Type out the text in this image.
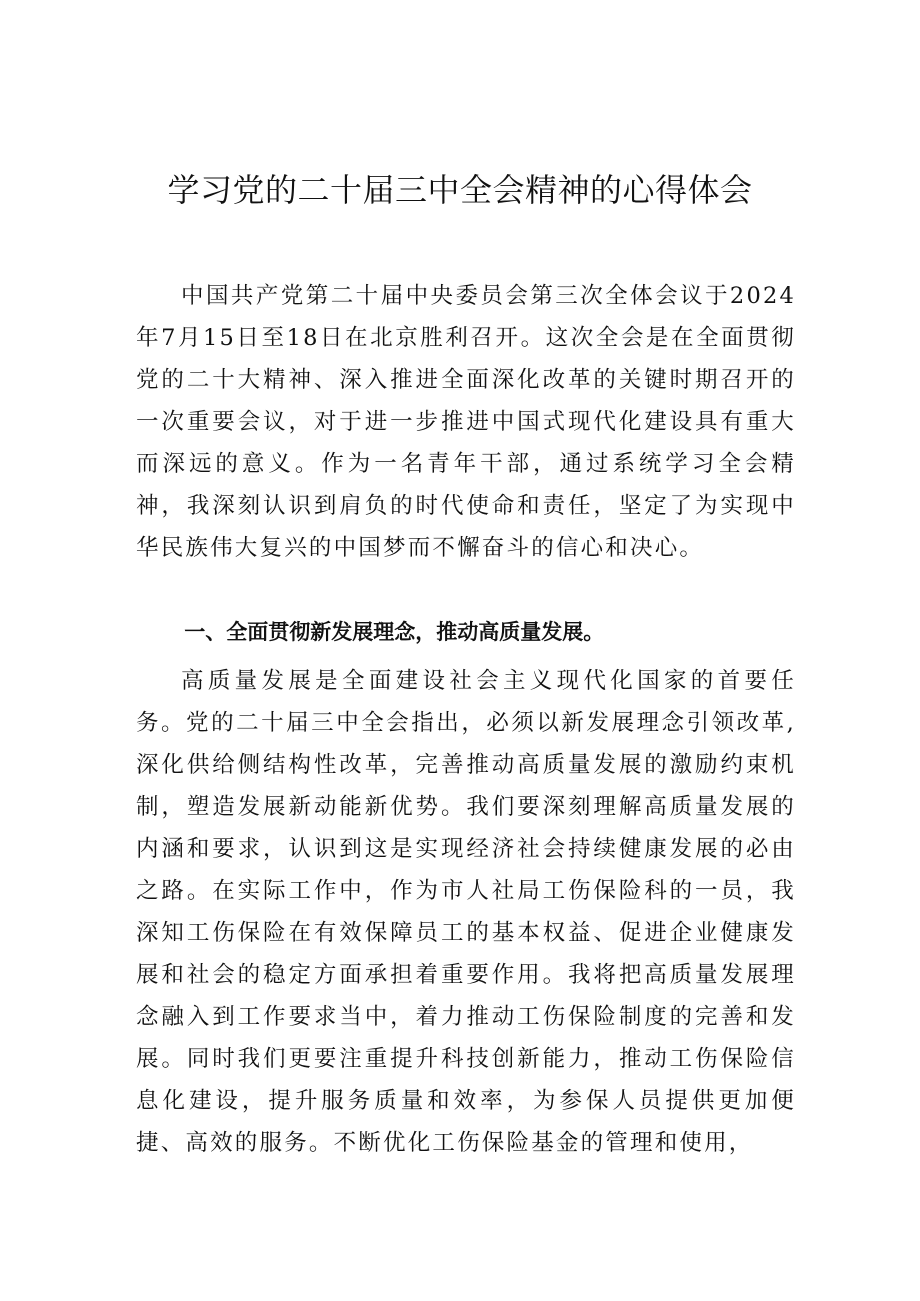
学习党的二十届三中全会精神的心得体会

中国共产党第二十届中央委员会第三次全体会议于2024年7月15日至18日在北京胜利召开。这次全会是在全面贯彻党的二十大精神、深入推进全面深化改革的关键时期召开的一次重要会议，对于进一步推进中国式现代化建设具有重大而深远的意义。作为一名青年干部，通过系统学习全会精神，我深刻认识到肩负的时代使命和责任，坚定了为实现中华民族伟大复兴的中国梦而不懈奋斗的信心和决心。

一、全面贯彻新发展理念，推动高质量发展。

高质量发展是全面建设社会主义现代化国家的首要任务。党的二十届三中全会指出，必须以新发展理念引领改革,深化供给侧结构性改革，完善推动高质量发展的激励约束机制，塑造发展新动能新优势。我们要深刻理解高质量发展的内涵和要求，认识到这是实现经济社会持续健康发展的必由之路。在实际工作中，作为市人社局工伤保险科的一员，我深知工伤保险在有效保障员工的基本权益、促进企业健康发展和社会的稳定方面承担着重要作用。我将把高质量发展理念融入到工作要求当中，着力推动工伤保险制度的完善和发展。同时我们更要注重提升科技创新能力，推动工伤保险信息化建设，提升服务质量和效率，为参保人员提供更加便捷、高效的服务。不断优化工伤保险基金的管理和使用，
